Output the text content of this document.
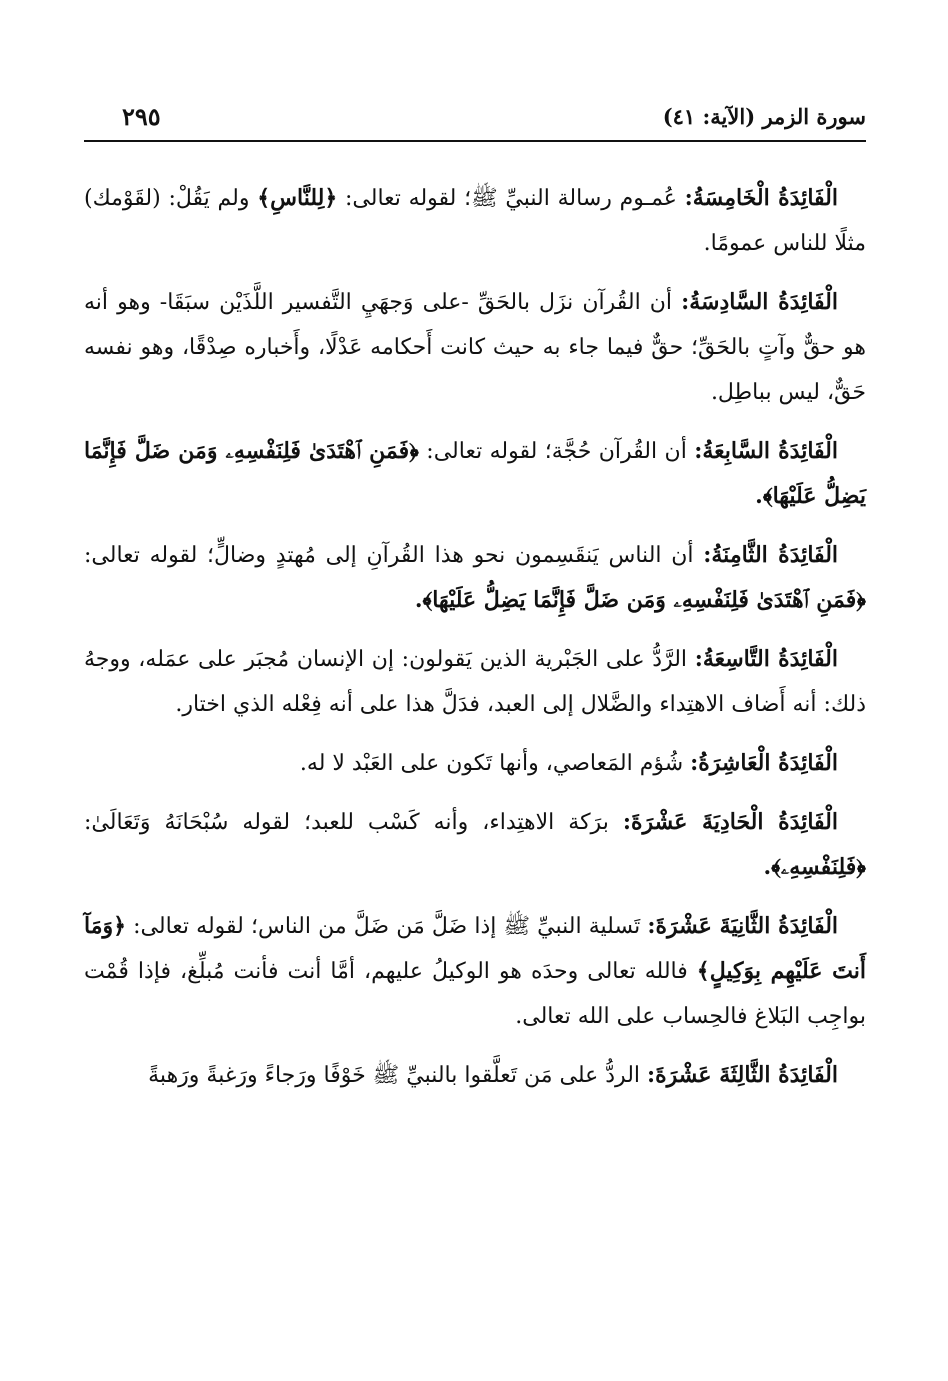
سورة الزمر (الآية: ٤١)
٢٩٥

الْفَائِدَةُ الْخَامِسَةُ: عُمـوم رسالة النبيِّ ﷺ؛ لقوله تعالى: ﴿لِلنَّاسِ﴾ ولم يَقُلْ: (لقَوْمك) مثلًا للناس عمومًا.

الْفَائِدَةُ السَّادِسَةُ: أن القُرآن نزَل بالحَقِّ -على وَجهَيِ التَّفسير اللَّذَيْن سبَقَا- وهو أنه هو حقٌّ وآتٍ بالحَقِّ؛ حقٌّ فيما جاء به حيث كانت أَحكامه عَدْلًا، وأَخباره صِدْقًا، وهو نفسه حَقٌّ، ليس بباطِل.

الْفَائِدَةُ السَّابِعَةُ: أن القُرآن حُجَّة؛ لقوله تعالى: ﴿فَمَنِ ٱهْتَدَىٰ فَلِنَفْسِهِۦ وَمَن ضَلَّ فَإِنَّمَا يَضِلُّ عَلَيْهَا﴾.

الْفَائِدَةُ الثَّامِنَةُ: أن الناس يَنقَسِمون نحو هذا القُرآنِ إلى مُهتدٍ وضالٍّ؛ لقوله تعالى: ﴿فَمَنِ ٱهْتَدَىٰ فَلِنَفْسِهِۦ وَمَن ضَلَّ فَإِنَّمَا يَضِلُّ عَلَيْهَا﴾.

الْفَائِدَةُ التَّاسِعَةُ: الرَّدُّ على الجَبْرية الذين يَقولون: إن الإنسان مُجبَر على عمَله، ووجهُ ذلك: أنه أَضاف الاهتِداء والضَّلال إلى العبد، فدَلَّ هذا على أنه فِعْله الذي اختار.

الْفَائِدَةُ الْعَاشِرَةُ: شُؤم المَعاصي، وأنها تَكون على العَبْد لا له.

الْفَائِدَةُ الْحَادِيَةَ عَشْرَةَ: برَكة الاهتِداء، وأنه كَسْب للعبد؛ لقوله سُبْحَانَهُ وَتَعَالَىٰ: ﴿فَلِنَفْسِهِۦ﴾.

الْفَائِدَةُ الثَّانِيَةَ عَشْرَةَ: تَسلية النبيِّ ﷺ إذا ضَلَّ مَن ضَلَّ من الناس؛ لقوله تعالى: ﴿وَمَآ أَنتَ عَلَيْهِم بِوَكِيلٍ﴾ فالله تعالى وحدَه هو الوكيلُ عليهم، أمَّا أنت فأنت مُبلِّغ، فإذا قُمْت بواجِب البَلاغ فالحِساب على الله تعالى.

الْفَائِدَةُ الثَّالِثَةَ عَشْرَةَ: الردُّ على مَن تَعلَّقوا بالنبيِّ ﷺ خَوْفًا ورَجاءً ورَغبةً ورَهبةً
